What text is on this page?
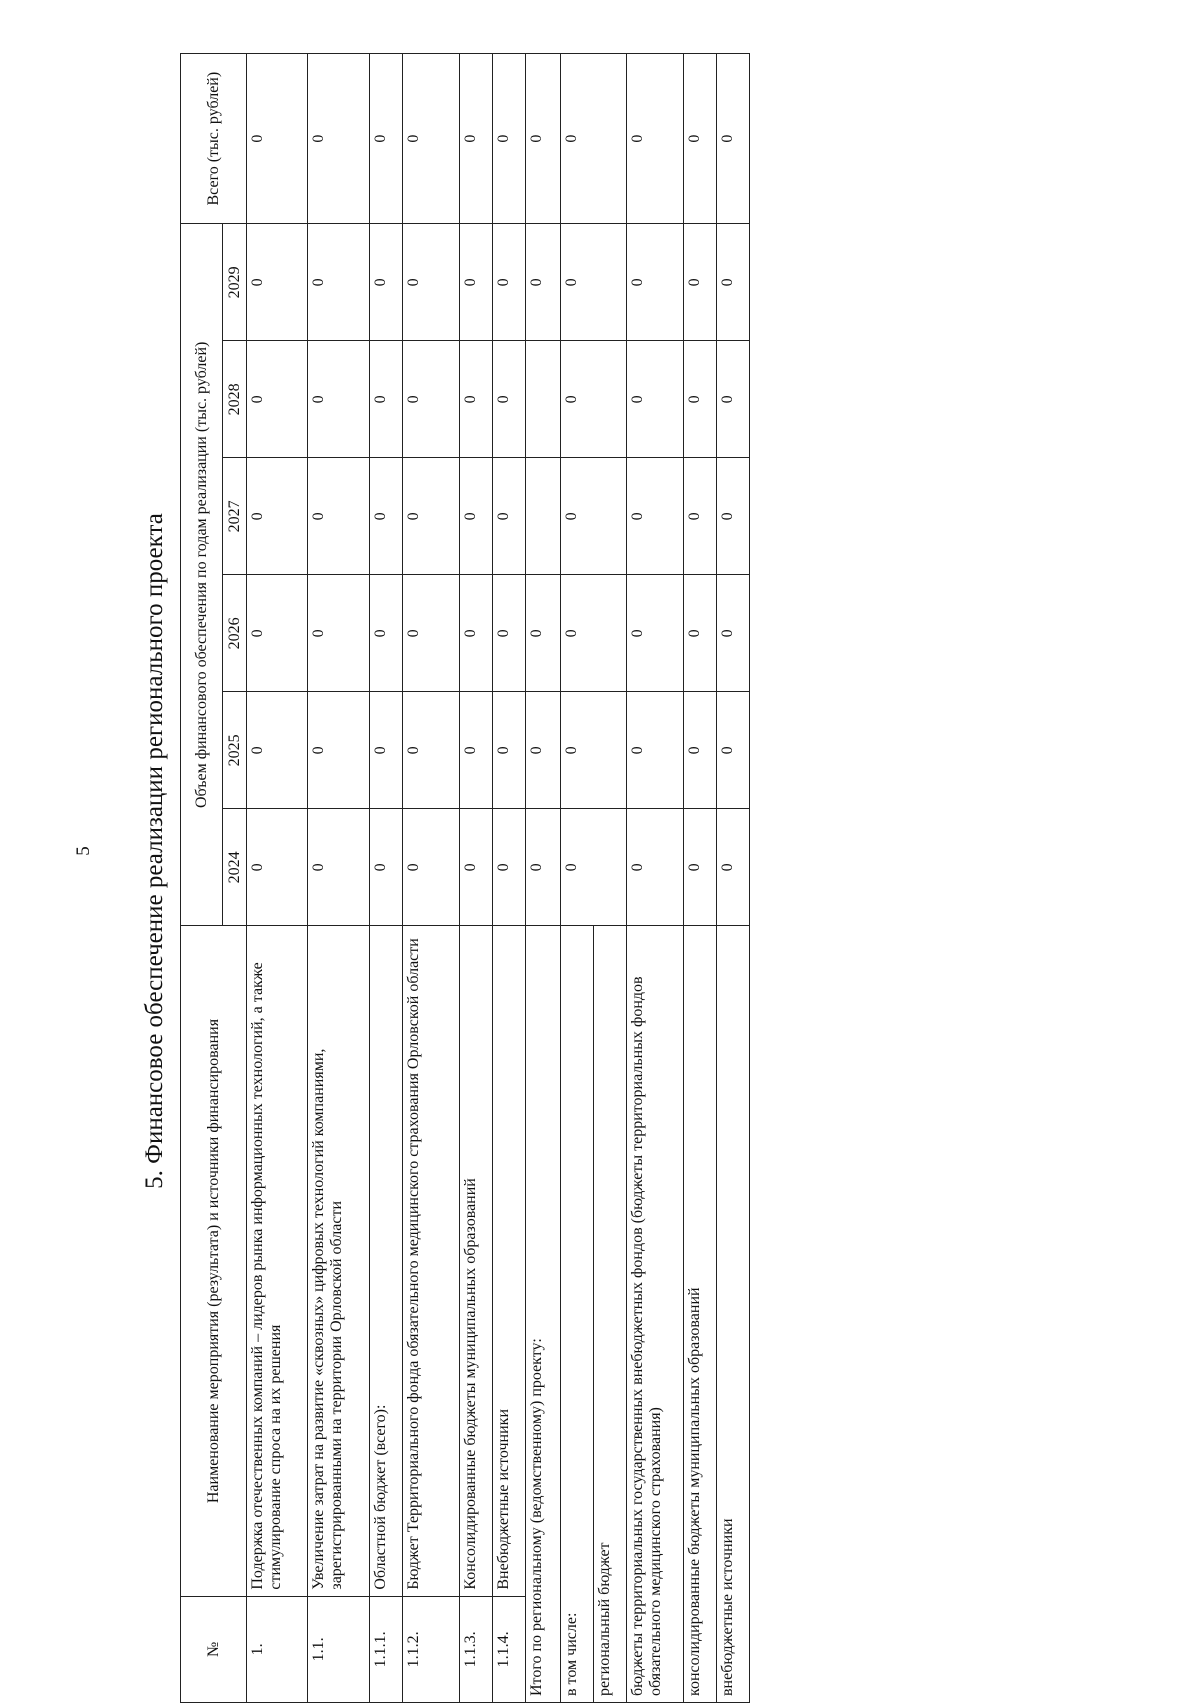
5 5. Финансовое обеспечение реализации регионального проекта
№	Наименование мероприятия (результата) и источники финансирования	Объем финансового обеспечения по годам реализации (тыс. рублей)						Всего (тыс. рублей)
		2024	2025	2026	2027	2028	2029	
1.	Подержка отечественных компаний – лидеров рынка информационных технологий, а также стимулирование спроса на их решения	0	0	0	0	0	0	0
1.1.	Увеличение затрат на развитие «сквозных» цифровых технологий компаниями, зарегистрированными на территории Орловской области	0	0	0	0	0	0	0
1.1.1.	Областной бюджет (всего):	0	0	0	0	0	0	0
1.1.2.	Бюджет Территориального фонда обязательного медицинского страхования Орловской области	0	0	0	0	0	0	0
1.1.3.	Консолидированные бюджеты муниципальных образований	0	0	0	0	0	0	0
1.1.4.	Внебюджетные источники	0	0	0	0	0	0	0
Итого по региональному (ведомственному) проекту:		0	0	0			0	0
в том числе:		0	0	0	0	0	0	0
региональный бюджет								
бюджеты территориальных государственных внебюджетных фондов (бюджеты территориальных фондов обязательного медицинского страхования)		0	0	0	0	0	0	0
консолидированные бюджеты муниципальных образований		0	0	0	0	0	0	0
внебюджетные источники		0	0	0	0	0	0	0
